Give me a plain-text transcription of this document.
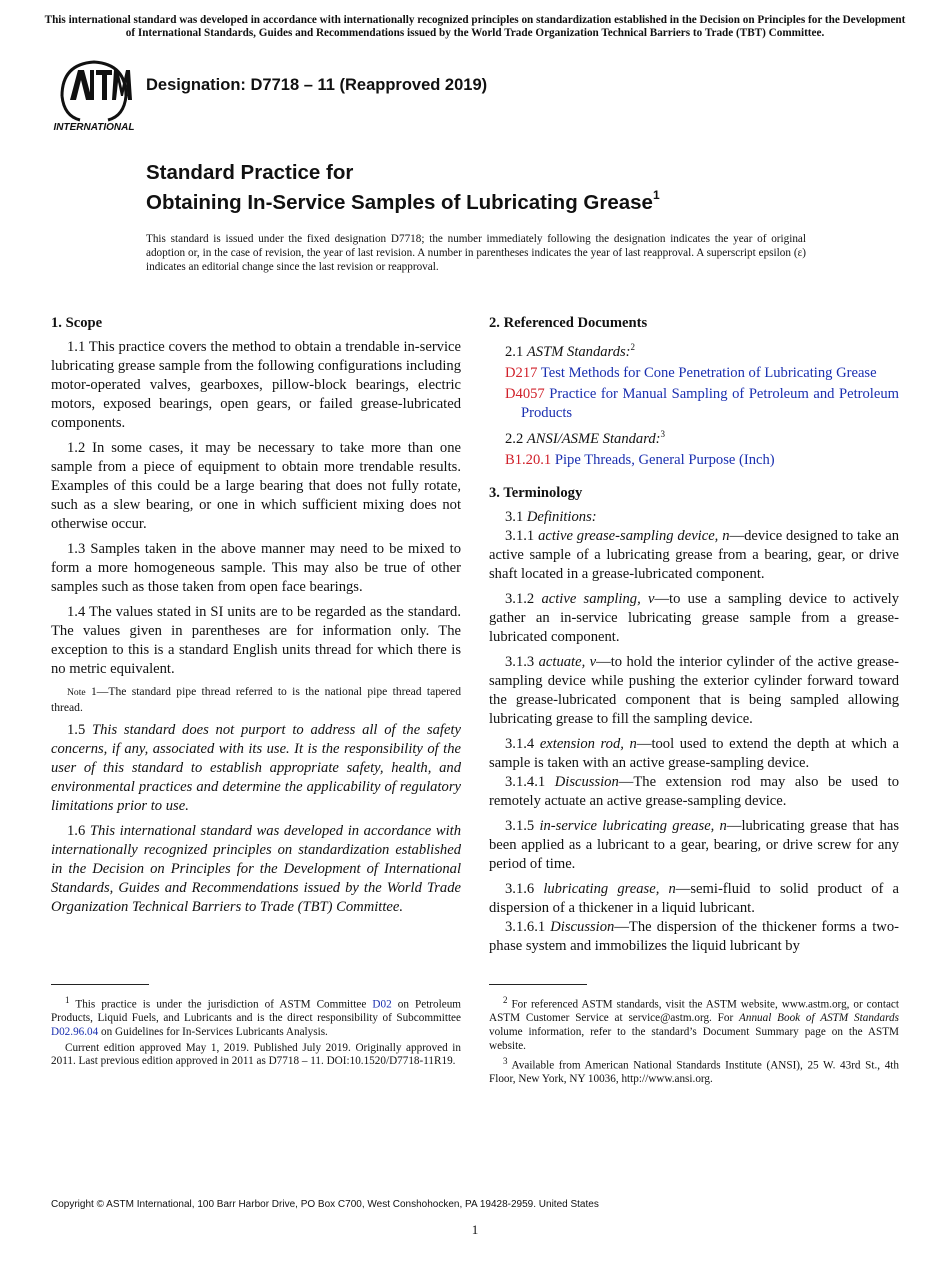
This international standard was developed in accordance with internationally recognized principles on standardization established in the Decision on Principles for the Development of International Standards, Guides and Recommendations issued by the World Trade Organization Technical Barriers to Trade (TBT) Committee.
INTERNATIONAL
Designation: D7718 – 11 (Reapproved 2019)
Standard Practice for
Obtaining In-Service Samples of Lubricating Grease$^1$
This standard is issued under the fixed designation D7718; the number immediately following the designation indicates the year of original adoption or, in the case of revision, the year of last revision. A number in parentheses indicates the year of last reapproval. A superscript epsilon (ε) indicates an editorial change since the last revision or reapproval.
1. Scope

1.1 This practice covers the method to obtain a trendable in-service lubricating grease sample from the following configurations including motor-operated valves, gearboxes, pillow-block bearings, electric motors, exposed bearings, open gears, or failed grease-lubricated components.

1.2 In some cases, it may be necessary to take more than one sample from a piece of equipment to obtain more trendable results. Examples of this could be a large bearing that does not fully rotate, such as a slew bearing, or one in which sufficient mixing does not otherwise occur.

1.3 Samples taken in the above manner may need to be mixed to form a more homogeneous sample. This may also be true of other samples such as those taken from open face bearings.

1.4 The values stated in SI units are to be regarded as the standard. The values given in parentheses are for information only. The exception to this is a standard English units thread for which there is no metric equivalent.

Note 1—The standard pipe thread referred to is the national pipe thread tapered thread.

1.5 This standard does not purport to address all of the safety concerns, if any, associated with its use. It is the responsibility of the user of this standard to establish appropriate safety, health, and environmental practices and determine the applicability of regulatory limitations prior to use.

1.6 This international standard was developed in accordance with internationally recognized principles on standardization established in the Decision on Principles for the Development of International Standards, Guides and Recommendations issued by the World Trade Organization Technical Barriers to Trade (TBT) Committee.

2. Referenced Documents
2.1 ASTM Standards:$^2$
D217 Test Methods for Cone Penetration of Lubricating Grease
D4057 Practice for Manual Sampling of Petroleum and Petroleum Products
2.2 ANSI/ASME Standard:$^3$
B1.20.1 Pipe Threads, General Purpose (Inch)
3. Terminology

3.1 Definitions:

3.1.1 active grease-sampling device, n—device designed to take an active sample of a lubricating grease from a bearing, gear, or drive shaft located in a grease-lubricated component.

3.1.2 active sampling, v—to use a sampling device to actively gather an in-service lubricating grease sample from a grease-lubricated component.

3.1.3 actuate, v—to hold the interior cylinder of the active grease-sampling device while pushing the exterior cylinder forward toward the grease-lubricated component that is being sampled allowing lubricating grease to fill the sampling device.

3.1.4 extension rod, n—tool used to extend the depth at which a sample is taken with an active grease-sampling device.

3.1.4.1 Discussion—The extension rod may also be used to remotely actuate an active grease-sampling device.

3.1.5 in-service lubricating grease, n—lubricating grease that has been applied as a lubricant to a gear, bearing, or drive screw for any period of time.

3.1.6 lubricating grease, n—semi-fluid to solid product of a dispersion of a thickener in a liquid lubricant.

3.1.6.1 Discussion—The dispersion of the thickener forms a two-phase system and immobilizes the liquid lubricant by

$^1$ This practice is under the jurisdiction of ASTM Committee D02 on Petroleum Products, Liquid Fuels, and Lubricants and is the direct responsibility of Subcommittee D02.96.04 on Guidelines for In-Services Lubricants Analysis.

Current edition approved May 1, 2019. Published July 2019. Originally approved in 2011. Last previous edition approved in 2011 as D7718 – 11. DOI:10.1520/D7718-11R19.

$^2$ For referenced ASTM standards, visit the ASTM website, www.astm.org, or contact ASTM Customer Service at service@astm.org. For Annual Book of ASTM Standards volume information, refer to the standard’s Document Summary page on the ASTM website.

$^3$ Available from American National Standards Institute (ANSI), 25 W. 43rd St., 4th Floor, New York, NY 10036, http://www.ansi.org.

Copyright © ASTM International, 100 Barr Harbor Drive, PO Box C700, West Conshohocken, PA 19428-2959. United States
1
